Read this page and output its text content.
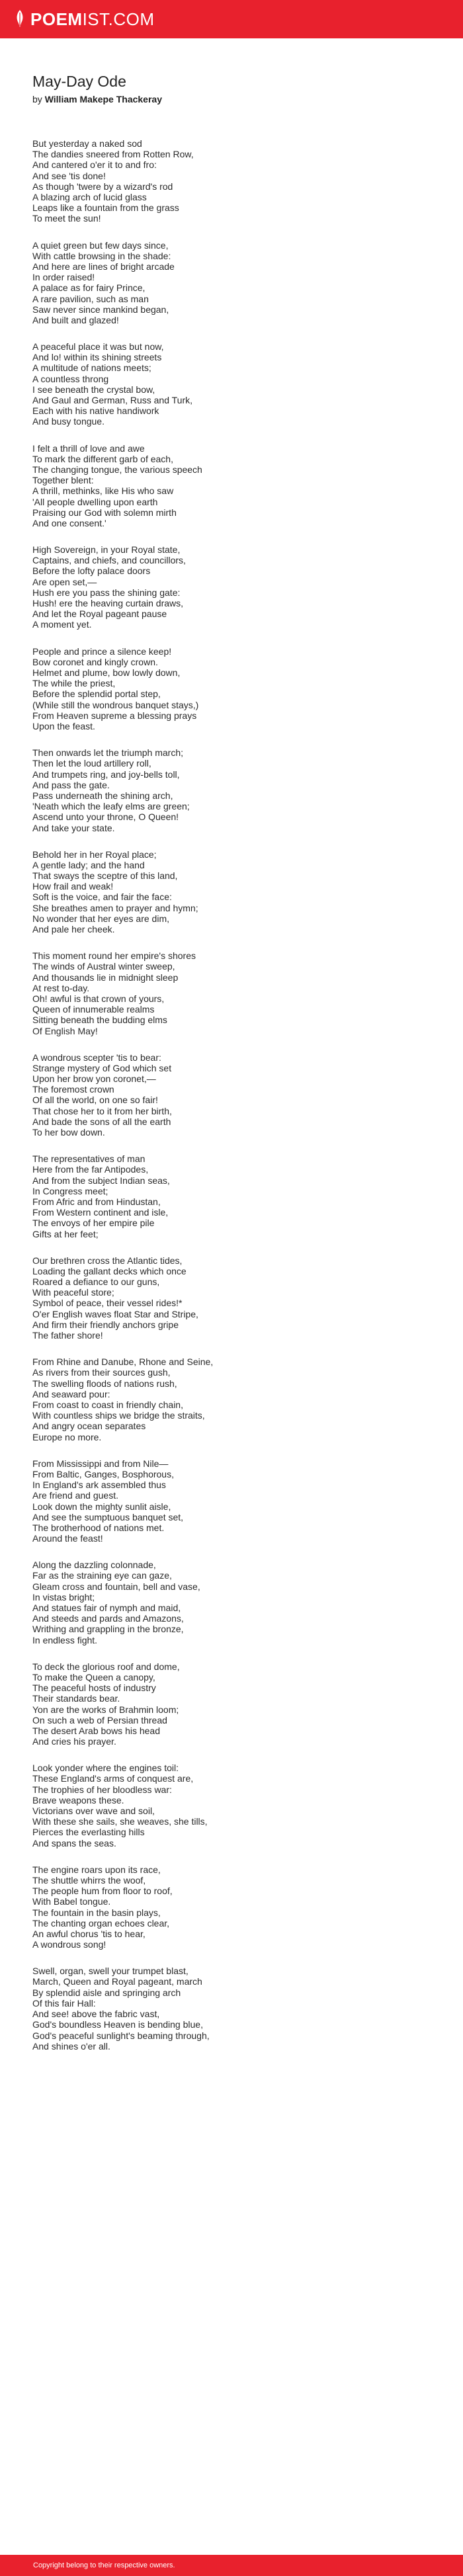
POEM IST.COM
May-Day Ode
by William Makepe Thackeray
But yesterday a naked sod
The dandies sneered from Rotten Row,
And cantered o'er it to and fro:
And see 'tis done!
As though 'twere by a wizard's rod
A blazing arch of lucid glass
Leaps like a fountain from the grass
To meet the sun!
A quiet green but few days since,
With cattle browsing in the shade:
And here are lines of bright arcade
In order raised!
A palace as for fairy Prince,
A rare pavilion, such as man
Saw never since mankind began,
And built and glazed!
A peaceful place it was but now,
And lo! within its shining streets
A multitude of nations meets;
A countless throng
I see beneath the crystal bow,
And Gaul and German, Russ and Turk,
Each with his native handiwork
And busy tongue.
I felt a thrill of love and awe
To mark the different garb of each,
The changing tongue, the various speech
Together blent:
A thrill, methinks, like His who saw
'All people dwelling upon earth
Praising our God with solemn mirth
And one consent.'
High Sovereign, in your Royal state,
Captains, and chiefs, and councillors,
Before the lofty palace doors
Are open set,—
Hush ere you pass the shining gate:
Hush! ere the heaving curtain draws,
And let the Royal pageant pause
A moment yet.
People and prince a silence keep!
Bow coronet and kingly crown.
Helmet and plume, bow lowly down,
The while the priest,
Before the splendid portal step,
(While still the wondrous banquet stays,)
From Heaven supreme a blessing prays
Upon the feast.
Then onwards let the triumph march;
Then let the loud artillery roll,
And trumpets ring, and joy-bells toll,
And pass the gate.
Pass underneath the shining arch,
'Neath which the leafy elms are green;
Ascend unto your throne, O Queen!
And take your state.
Behold her in her Royal place;
A gentle lady; and the hand
That sways the sceptre of this land,
How frail and weak!
Soft is the voice, and fair the face:
She breathes amen to prayer and hymn;
No wonder that her eyes are dim,
And pale her cheek.
This moment round her empire's shores
The winds of Austral winter sweep,
And thousands lie in midnight sleep
At rest to-day.
Oh! awful is that crown of yours,
Queen of innumerable realms
Sitting beneath the budding elms
Of English May!
A wondrous scepter 'tis to bear:
Strange mystery of God which set
Upon her brow yon coronet,—
The foremost crown
Of all the world, on one so fair!
That chose her to it from her birth,
And bade the sons of all the earth
To her bow down.
The representatives of man
Here from the far Antipodes,
And from the subject Indian seas,
In Congress meet;
From Afric and from Hindustan,
From Western continent and isle,
The envoys of her empire pile
Gifts at her feet;
Our brethren cross the Atlantic tides,
Loading the gallant decks which once
Roared a defiance to our guns,
With peaceful store;
Symbol of peace, their vessel rides!*
O'er English waves float Star and Stripe,
And firm their friendly anchors gripe
The father shore!
From Rhine and Danube, Rhone and Seine,
As rivers from their sources gush,
The swelling floods of nations rush,
And seaward pour:
From coast to coast in friendly chain,
With countless ships we bridge the straits,
And angry ocean separates
Europe no more.
From Mississippi and from Nile—
From Baltic, Ganges, Bosphorous,
In England's ark assembled thus
Are friend and guest.
Look down the mighty sunlit aisle,
And see the sumptuous banquet set,
The brotherhood of nations met.
Around the feast!
Along the dazzling colonnade,
Far as the straining eye can gaze,
Gleam cross and fountain, bell and vase,
In vistas bright;
And statues fair of nymph and maid,
And steeds and pards and Amazons,
Writhing and grappling in the bronze,
In endless fight.
To deck the glorious roof and dome,
To make the Queen a canopy,
The peaceful hosts of industry
Their standards bear.
Yon are the works of Brahmin loom;
On such a web of Persian thread
The desert Arab bows his head
And cries his prayer.
Look yonder where the engines toil:
These England's arms of conquest are,
The trophies of her bloodless war:
Brave weapons these.
Victorians over wave and soil,
With these she sails, she weaves, she tills,
Pierces the everlasting hills
And spans the seas.
The engine roars upon its race,
The shuttle whirrs the woof,
The people hum from floor to roof,
With Babel tongue.
The fountain in the basin plays,
The chanting organ echoes clear,
An awful chorus 'tis to hear,
A wondrous song!
Swell, organ, swell your trumpet blast,
March, Queen and Royal pageant, march
By splendid aisle and springing arch
Of this fair Hall:
And see! above the fabric vast,
God's boundless Heaven is bending blue,
God's peaceful sunlight's beaming through,
And shines o'er all.
Copyright belong to their respective owners.
